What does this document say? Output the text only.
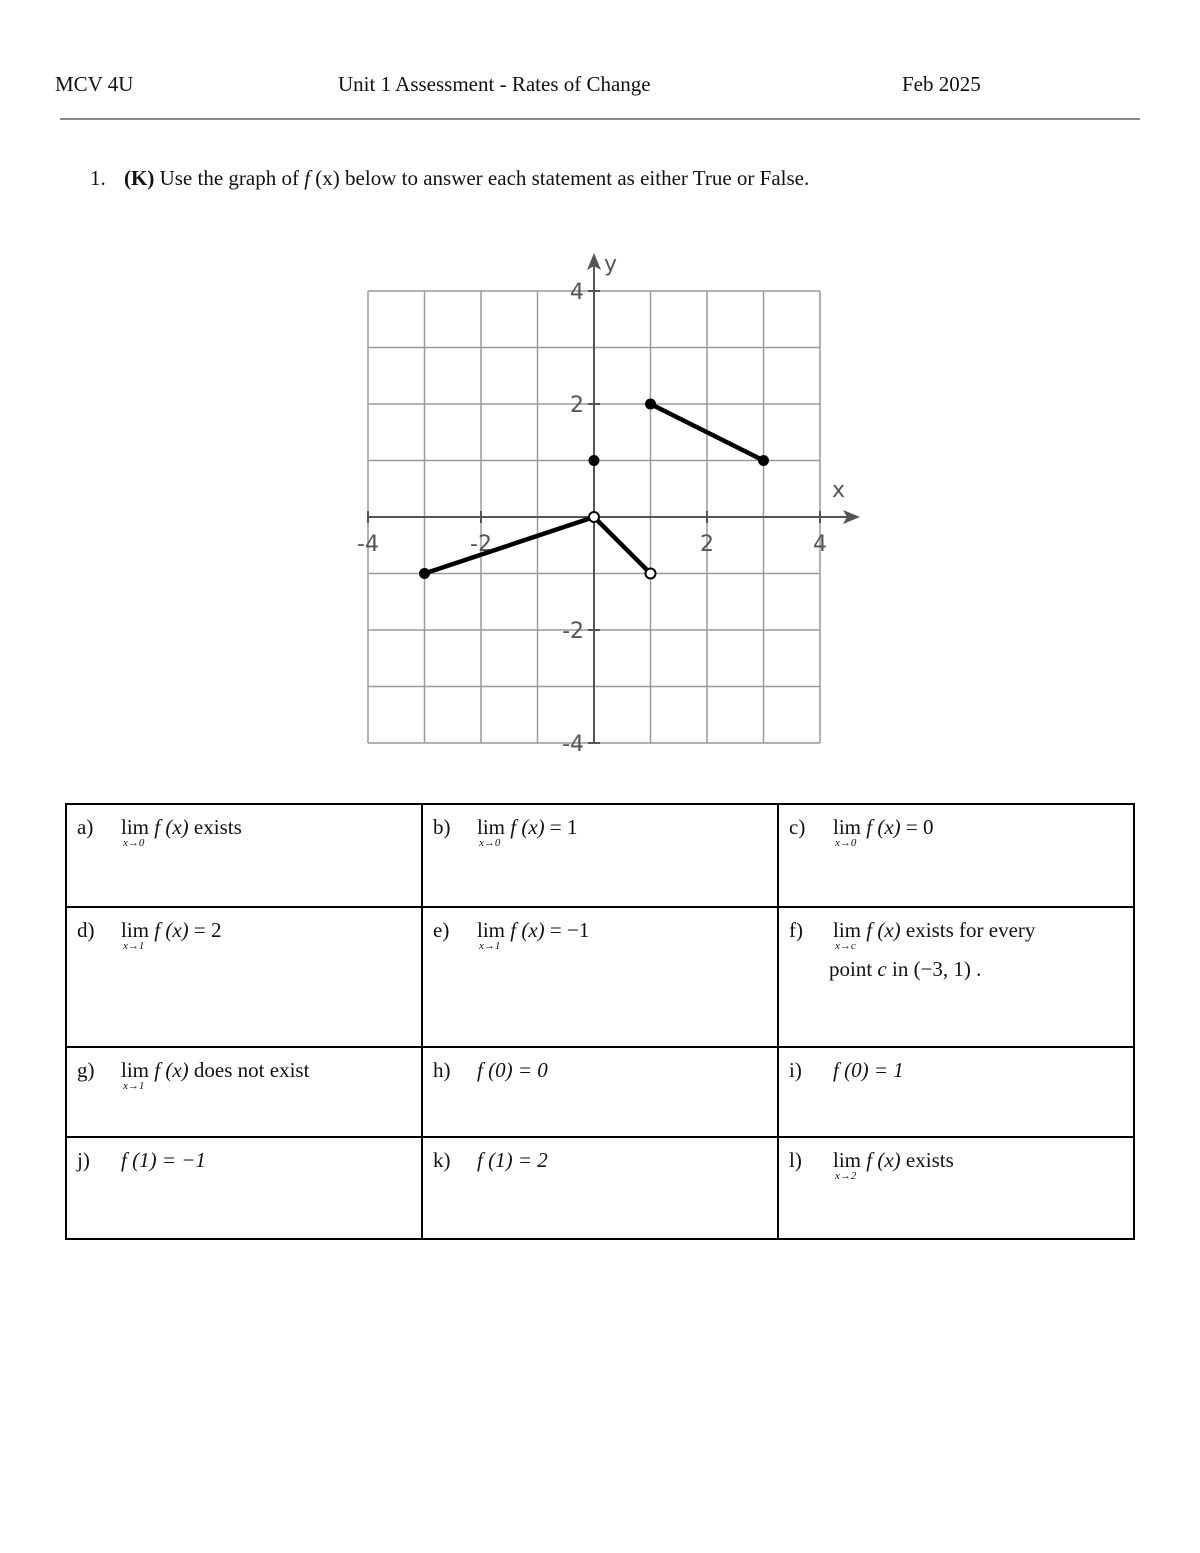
MCV 4U	Unit 1 Assessment - Rates of Change	Feb 2025
1. (K) Use the graph of f (x) below to answer each statement as either True or False.
x
y
-4	-2	2	4
4
2
-2
-4
a) lim
x→0
f (x) exists	b) lim
x→0
f (x) = 1	c) lim
x→0
f (x) = 0
d) lim
x→1
f (x) = 2	e) lim
x→1
f (x) = −1	f) lim
x→c
f (x) exists for every
point c in (−3, 1) .

g) lim
x→1
f (x) does not exist	h) f (0) = 0	i) f (0) = 1
j) f (1) = −1	k) f (1) = 2	l) lim
x→2
f (x) exists
